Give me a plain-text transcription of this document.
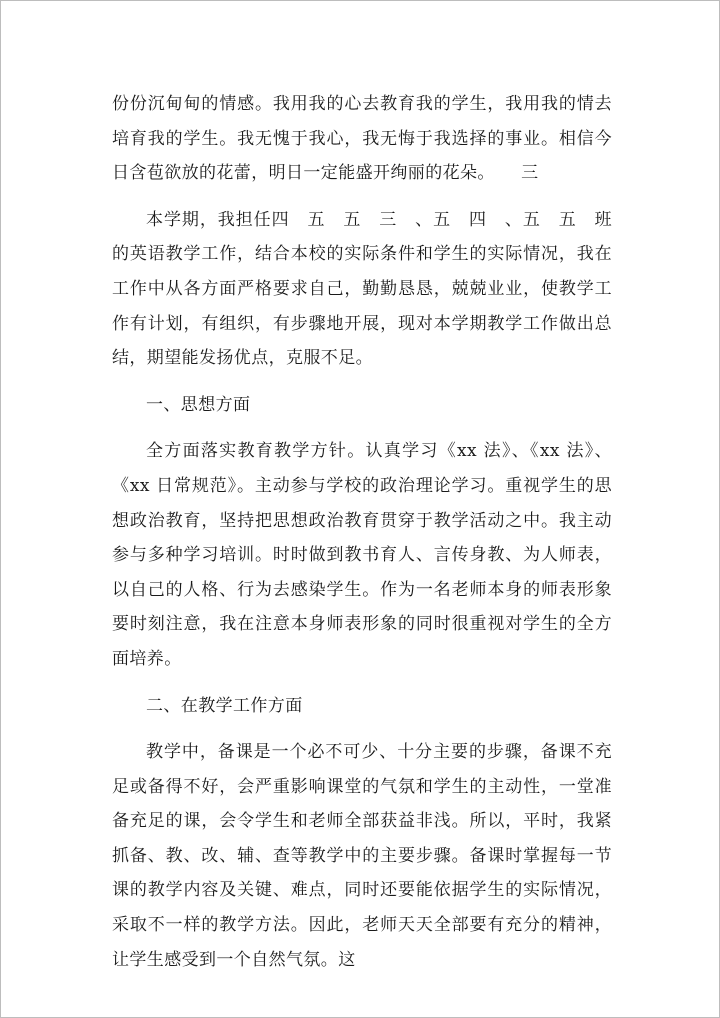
份份沉甸甸的情感。我用我的心去教育我的学生，我用我的情去培育我的学生。我无愧于我心，我无悔于我选择的事业。相信今日含苞欲放的花蕾，明日一定能盛开绚丽的花朵。　　三

本学期，我担任四　五　五　三　、五　四　、五　五　班的英语教学工作，结合本校的实际条件和学生的实际情况，我在工作中从各方面严格要求自己，勤勤恳恳，兢兢业业，使教学工作有计划，有组织，有步骤地开展，现对本学期教学工作做出总结，期望能发扬优点，克服不足。

一、思想方面

全方面落实教育教学方针。认真学习《xx 法》、《xx 法》、《xx 日常规范》。主动参与学校的政治理论学习。重视学生的思想政治教育，坚持把思想政治教育贯穿于教学活动之中。我主动参与多种学习培训。时时做到教书育人、言传身教、为人师表，以自己的人格、行为去感染学生。作为一名老师本身的师表形象要时刻注意，我在注意本身师表形象的同时很重视对学生的全方面培养。

二、在教学工作方面

教学中，备课是一个必不可少、十分主要的步骤，备课不充足或备得不好，会严重影响课堂的气氛和学生的主动性，一堂准备充足的课，会令学生和老师全部获益非浅。所以，平时，我紧抓备、教、改、辅、查等教学中的主要步骤。备课时掌握每一节课的教学内容及关键、难点，同时还要能依据学生的实际情况，采取不一样的教学方法。因此，老师天天全部要有充分的精神，让学生感受到一个自然气氛。这
